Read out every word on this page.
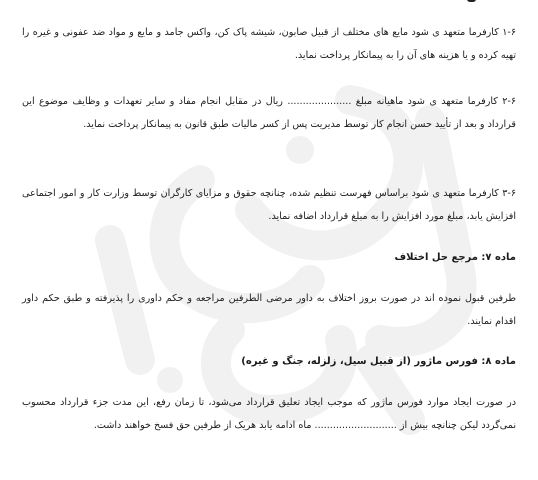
۱-۶ کارفرما متعهد ی شود مایع های مختلف از قبیل صابون، شیشه پاک کن، واکس جامد و مایع و مواد ضد عفونی و غیره را تهیه کرده و یا هزینه های آن را به پیمانکار پرداخت نماید.

۲-۶ کارفرما متعهد ی شود ماهیانه مبلغ ..................... ریال در مقابل انجام مفاد و سایر تعهدات و وظایف موضوع این قرارداد و بعد از تأیید حسن انجام کار توسط مدیریت پس از کسر مالیات طبق قانون به پیمانکار پرداخت نماید.

۳-۶ کارفرما متعهد ی شود براساس فهرست تنظیم شده، چنانچه حقوق و مزایای کارگران توسط وزارت کار و امور اجتماعی افزایش یابد، مبلغ مورد افزایش را به مبلغ قرارداد اضافه نماید.

ماده ۷: مرجع حل اختلاف

طرفین قبول نموده اند در صورت بروز اختلاف به داور مرضی الطرفین مراجعه و حکم داوری را پذیرفته و طبق حکم داور اقدام نمایند.

ماده ۸: فورس ماژور (از قبیل سیل، زلزله، جنگ و غیره)

در صورت ایجاد موارد فورس ماژور که موجب ایجاد تعلیق قرارداد می‌شود، تا زمان رفع، این مدت جزء قرارداد محسوب نمی‌گردد لیکن چنانچه بیش از ........................... ماه ادامه یابد هریک از طرفین حق فسخ خواهند داشت.
